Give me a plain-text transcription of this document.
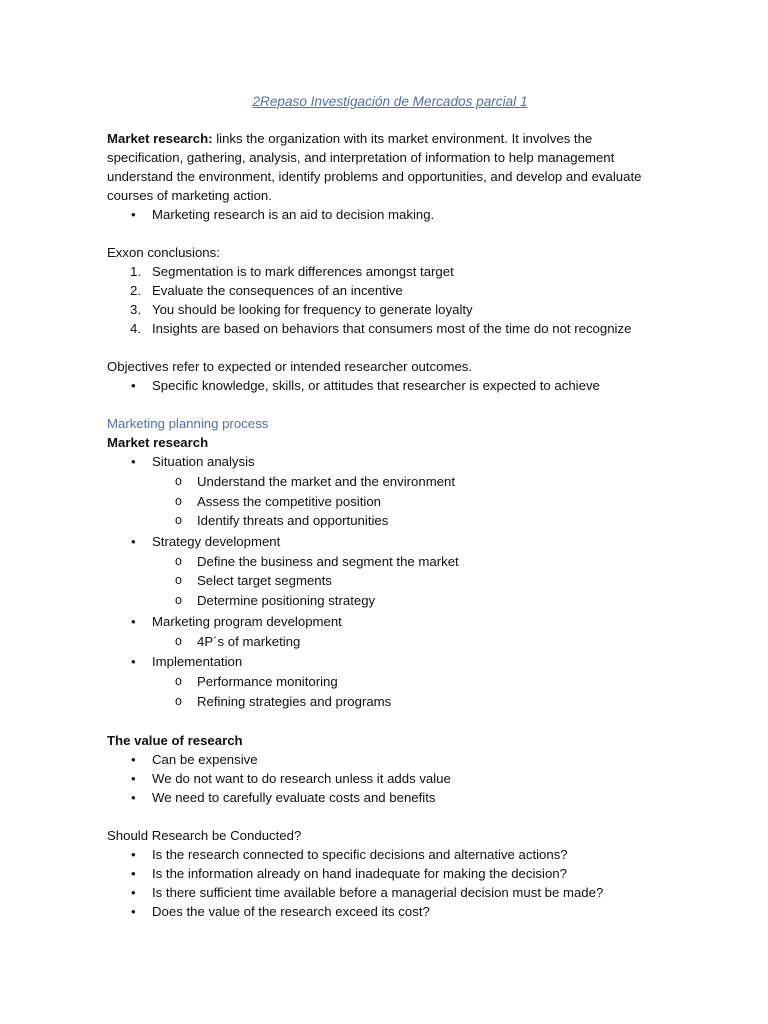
2Repaso Investigación de Mercados parcial 1

Market research: links the organization with its market environment. It involves the specification, gathering, analysis, and interpretation of information to help management understand the environment, identify problems and opportunities, and develop and evaluate courses of marketing action.

•	Marketing research is an aid to decision making.

Exxon conclusions:

1. Segmentation is to mark differences amongst target
2. Evaluate the consequences of an incentive
3. You should be looking for frequency to generate loyalty
4. Insights are based on behaviors that consumers most of the time do not recognize

Objectives refer to expected or intended researcher outcomes.

•	Specific knowledge, skills, or attitudes that researcher is expected to achieve

Marketing planning process

Market research

•	Situation analysis
o Understand the market and the environment
o Assess the competitive position
o Identify threats and opportunities
•	Strategy development
o Define the business and segment the market
o Select target segments
o Determine positioning strategy
•	Marketing program development
o 4P´s of marketing
•	Implementation
o Performance monitoring
o Refining strategies and programs

The value of research

•	Can be expensive
•	We do not want to do research unless it adds value
•	We need to carefully evaluate costs and benefits

Should Research be Conducted?

•	Is the research connected to specific decisions and alternative actions?
•	Is the information already on hand inadequate for making the decision?
•	Is there sufficient time available before a managerial decision must be made?
•	Does the value of the research exceed its cost?
